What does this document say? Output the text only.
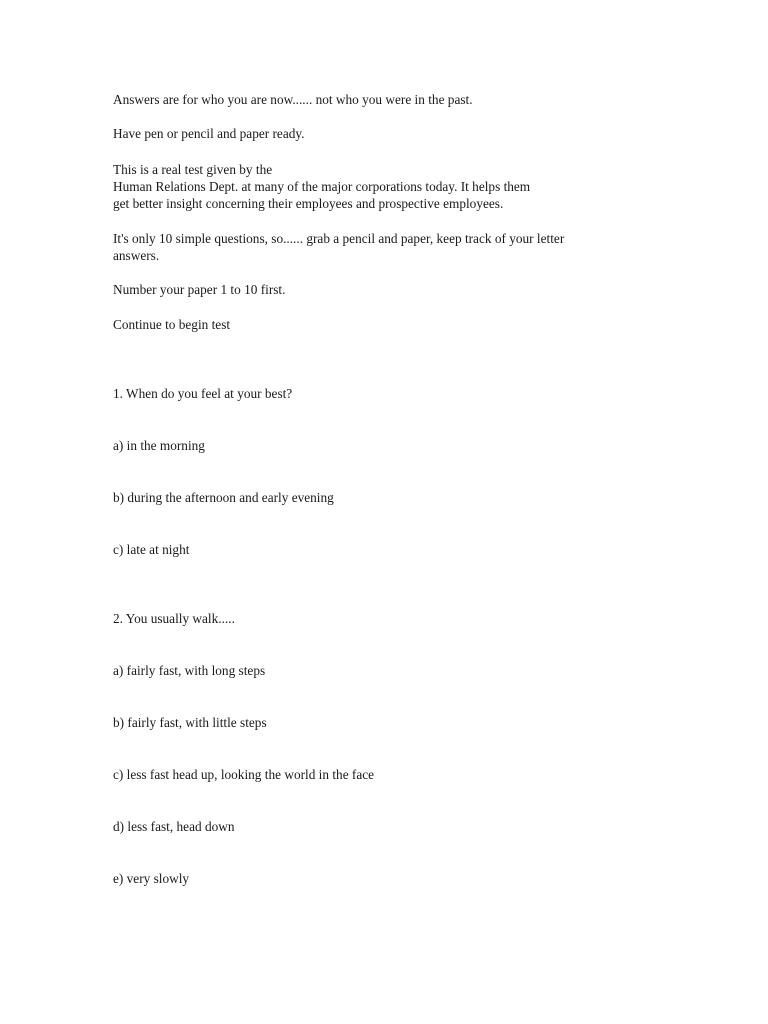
Answers are for who you are now...... not who you were in the past.

Have pen or pencil and paper ready.

This is a real test given by the

Human Relations Dept. at many of the major corporations today. It helps them

get better insight concerning their employees and prospective employees.

It's only 10 simple questions, so...... grab a pencil and paper, keep track of your letter

answers.

Number your paper 1 to 10 first.

Continue to begin test

1. When do you feel at your best?

a) in the morning

b) during the afternoon and early evening

c) late at night

2. You usually walk.....

a) fairly fast, with long steps

b) fairly fast, with little steps

c) less fast head up, looking the world in the face

d) less fast, head down

e) very slowly
